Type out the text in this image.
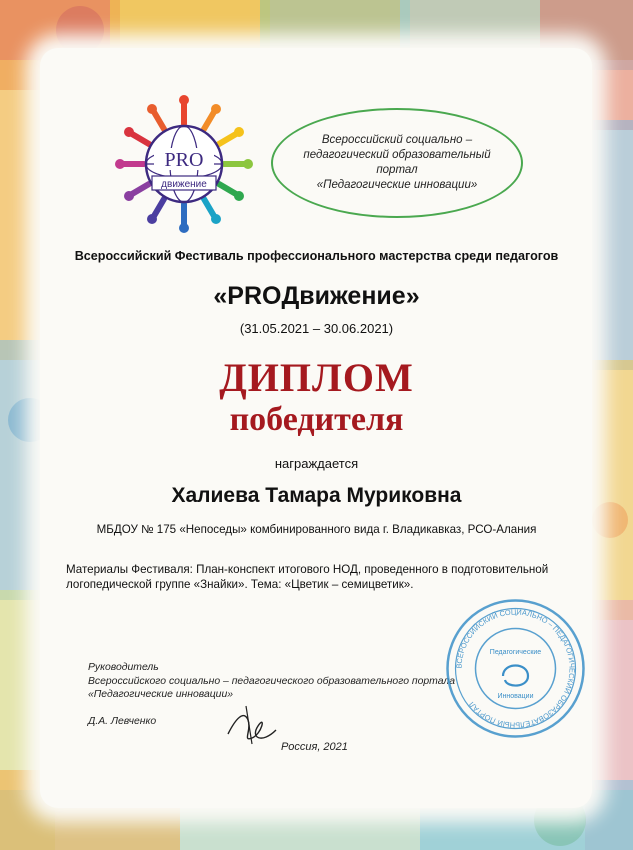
PRO
движение
Всероссийский социально –
педагогический образовательный
портал
«Педагогические инновации»
Всероссийский Фестиваль профессионального мастерства среди педагогов
«PROДвижение»
(31.05.2021 – 30.06.2021)
ДИПЛОМ
победителя
награждается
Халиева Тамара Муриковна
МБДОУ № 175 «Непоседы» комбинированного вида г. Владикавказ, РСО-Алания
Материалы Фестиваля: План-конспект итогового НОД, проведенного в подготовительной логопедической группе «Знайки». Тема: «Цветик – семицветик».
Руководитель
Всероссийского социально – педагогического образовательного портала
«Педагогические инновации»
Д.А. Левченко
Россия, 2021
ВСЕРОССИЙСКИЙ СОЦИАЛЬНО – ПЕДАГОГИЧЕСКИЙ ОБРАЗОВАТЕЛЬНЫЙ ПОРТАЛ
Педагогические
Инновации
